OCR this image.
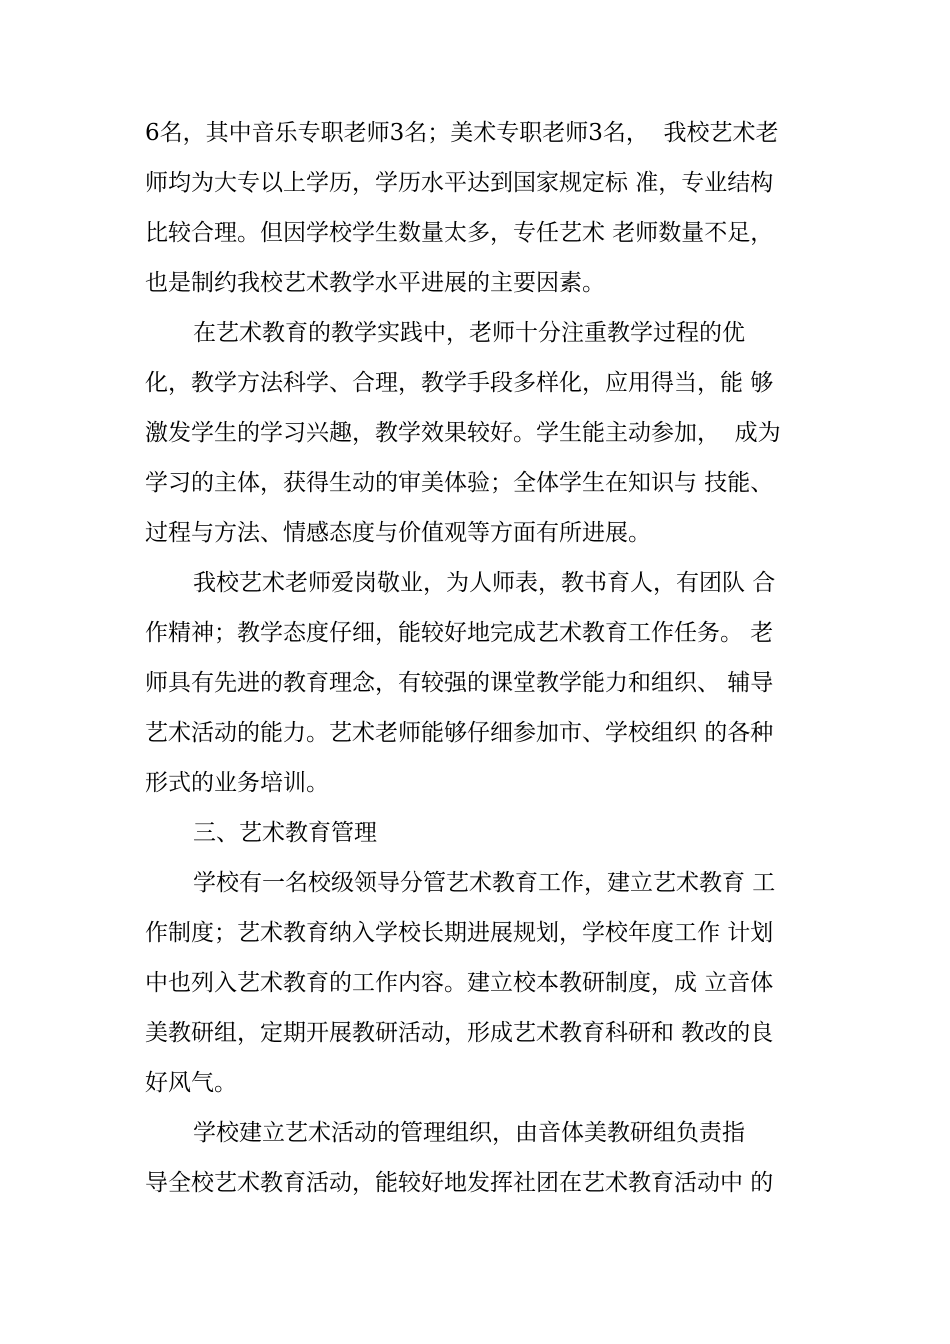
6名，其中音乐专职老师3名；美术专职老师3名，  我校艺术老

师均为大专以上学历，学历水平达到国家规定标 准，专业结构

比较合理。但因学校学生数量太多，专任艺术 老师数量不足，

也是制约我校艺术教学水平进展的主要因素。

在艺术教育的教学实践中，老师十分注重教学过程的优

化，教学方法科学、合理，教学手段多样化，应用得当，能 够

激发学生的学习兴趣，教学效果较好。学生能主动参加，  成为

学习的主体，获得生动的审美体验；全体学生在知识与 技能、

过程与方法、情感态度与价值观等方面有所进展。

我校艺术老师爱岗敬业，为人师表，教书育人，有团队 合

作精神；教学态度仔细，能较好地完成艺术教育工作任务。 老

师具有先进的教育理念，有较强的课堂教学能力和组织、 辅导

艺术活动的能力。艺术老师能够仔细参加市、学校组织 的各种

形式的业务培训。

三、艺术教育管理

学校有一名校级领导分管艺术教育工作，建立艺术教育 工

作制度；艺术教育纳入学校长期进展规划，学校年度工作 计划

中也列入艺术教育的工作内容。建立校本教研制度，成 立音体

美教研组，定期开展教研活动，形成艺术教育科研和 教改的良

好风气。

学校建立艺术活动的管理组织，由音体美教研组负责指

导全校艺术教育活动，能较好地发挥社团在艺术教育活动中 的
